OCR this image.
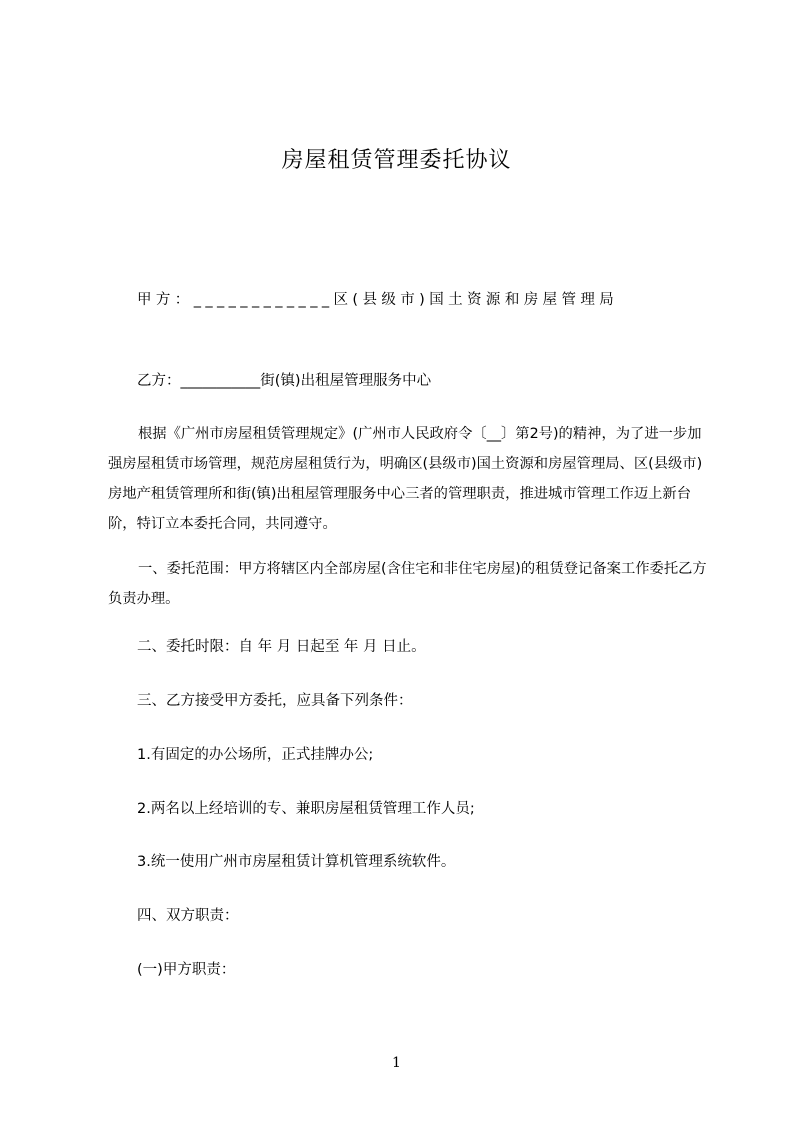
房屋租赁管理委托协议
甲方：____________区(县级市)国土资源和房屋管理局
乙方：___________街(镇)出租屋管理服务中心
根据《广州市房屋租赁管理规定》(广州市人民政府令〔__〕第2号)的精神，为了进一步加强房屋租赁市场管理，规范房屋租赁行为，明确区(县级市)国土资源和房屋管理局、区(县级市)房地产租赁管理所和街(镇)出租屋管理服务中心三者的管理职责，推进城市管理工作迈上新台阶，特订立本委托合同，共同遵守。
一、委托范围：甲方将辖区内全部房屋(含住宅和非住宅房屋)的租赁登记备案工作委托乙方负责办理。
二、委托时限：自 年 月 日起至 年 月 日止。
三、乙方接受甲方委托，应具备下列条件：
1.有固定的办公场所，正式挂牌办公;
2.两名以上经培训的专、兼职房屋租赁管理工作人员;
3.统一使用广州市房屋租赁计算机管理系统软件。
四、双方职责：
(一)甲方职责：
1
